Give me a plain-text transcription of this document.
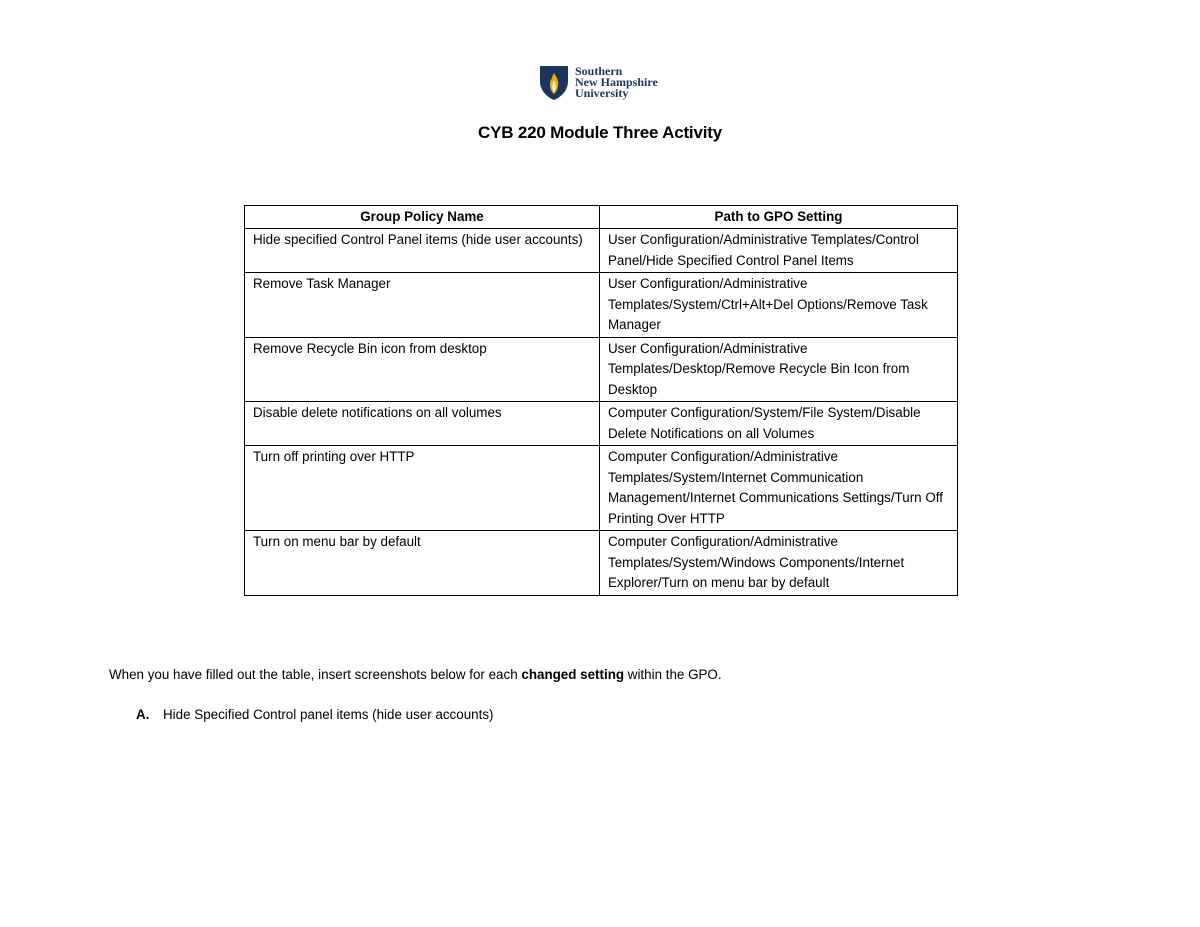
Southern
New Hampshire
University
CYB 220 Module Three Activity
Group Policy Name	Path to GPO Setting
Hide specified Control Panel items (hide user accounts)	User Configuration/Administrative Templates/Control Panel/Hide Specified Control Panel Items
Remove Task Manager	User Configuration/Administrative Templates/System/Ctrl+Alt+Del Options/Remove Task Manager
Remove Recycle Bin icon from desktop	User Configuration/Administrative Templates/Desktop/Remove Recycle Bin Icon from Desktop
Disable delete notifications on all volumes	Computer Configuration/System/File System/Disable Delete Notifications on all Volumes
Turn off printing over HTTP	Computer Configuration/Administrative Templates/System/Internet Communication Management/Internet Communications Settings/Turn Off Printing Over HTTP
Turn on menu bar by default	Computer Configuration/Administrative Templates/System/Windows Components/Internet Explorer/Turn on menu bar by default

When you have filled out the table, insert screenshots below for each changed setting within the GPO.

A. Hide Specified Control panel items (hide user accounts)
